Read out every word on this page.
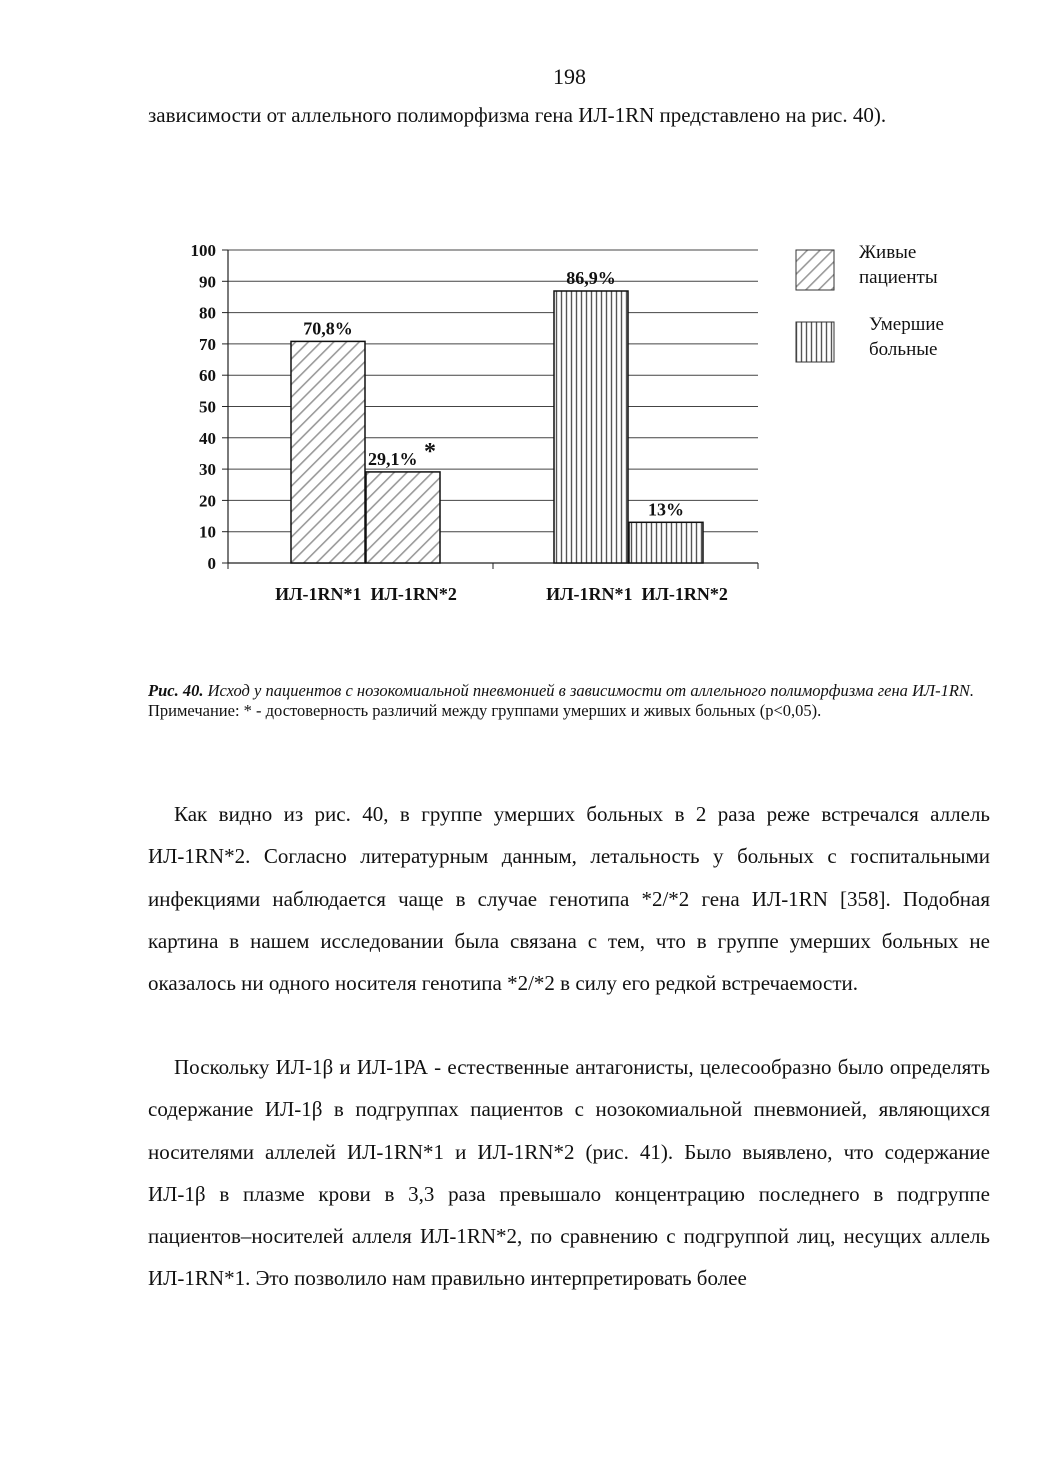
198
зависимости от аллельного полиморфизма гена ИЛ-1RN представлено на рис. 40).
0
10
20
30
40
50
60
70
80
90
100
70,8%
29,1% *
86,9%
13%
ИЛ-1RN*1  ИЛ-1RN*2	ИЛ-1RN*1  ИЛ-1RN*2
Живые
пациенты
Умершие
больные
Рис. 40. Исход у пациентов с нозокомиальной пневмонией в зависимости от аллельного полиморфизма гена ИЛ-1RN.
Примечание: * - достоверность различий между группами умерших и живых больных (p<0,05).
Как видно из рис. 40, в группе умерших больных в 2 раза реже встречался аллель ИЛ-1RN*2. Согласно литературным данным, летальность у больных с госпитальными инфекциями наблюдается чаще в случае генотипа *2/*2 гена ИЛ-1RN [358]. Подобная картина в нашем исследовании была связана с тем, что в группе умерших больных не оказалось ни одного носителя генотипа *2/*2 в силу его редкой встречаемости.
Поскольку ИЛ-1β и ИЛ-1РА - естественные антагонисты, целесообразно было определять содержание ИЛ-1β в подгруппах пациентов с нозокомиальной пневмонией, являющихся носителями аллелей ИЛ-1RN*1 и ИЛ-1RN*2 (рис. 41). Было выявлено, что содержание ИЛ-1β в плазме крови в 3,3 раза превышало концентрацию последнего в подгруппе пациентов–носителей аллеля ИЛ-1RN*2, по сравнению с подгруппой лиц, несущих аллель ИЛ-1RN*1. Это позволило нам правильно интерпретировать более
